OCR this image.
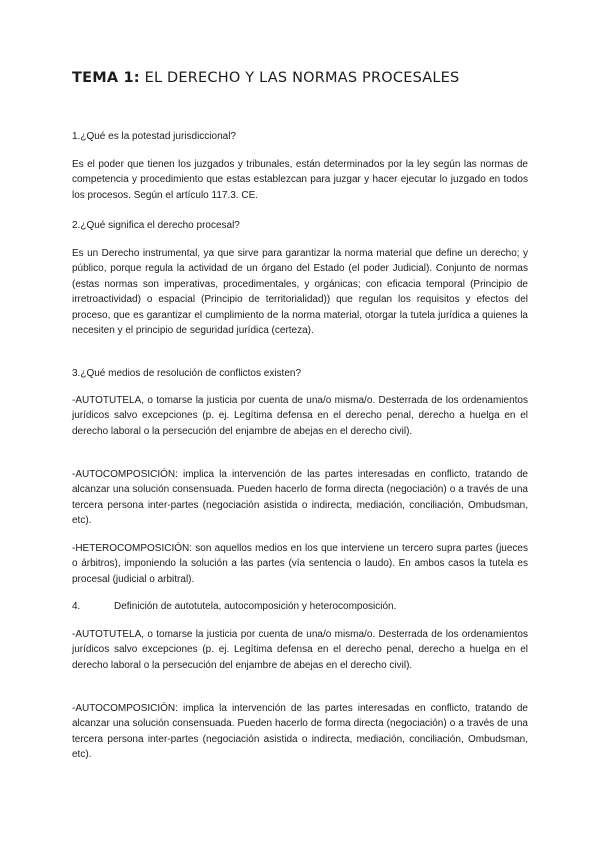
TEMA 1: EL DERECHO Y LAS NORMAS PROCESALES
1.¿Qué es la potestad jurisdiccional?
Es el poder que tienen los juzgados y tribunales, están determinados por la ley según las normas de competencia y procedimiento que estas establezcan para juzgar y hacer ejecutar lo juzgado en todos los procesos. Según el artículo 117.3. CE.
2.¿Qué significa el derecho procesal?
Es un Derecho instrumental, ya que sirve para garantizar la norma material que define un derecho; y público, porque regula la actividad de un órgano del Estado (el poder Judicial). Conjunto de normas (estas normas son imperativas, procedimentales, y orgánicas; con eficacia temporal (Principio de irretroactividad) o espacial (Principio de territorialidad)) que regulan los requisitos y efectos del proceso, que es garantizar el cumplimiento de la norma material, otorgar la tutela jurídica a quienes la necesiten y el principio de seguridad jurídica (certeza).
3.¿Qué medios de resolución de conflictos existen?
-AUTOTUTELA, o tomarse la justicia por cuenta de una/o misma/o. Desterrada de los ordenamientos jurídicos salvo excepciones (p. ej. Legítima defensa en el derecho penal, derecho a huelga en el derecho laboral o la persecución del enjambre de abejas en el derecho civil).
-AUTOCOMPOSICIÓN: implica la intervención de las partes interesadas en conflicto, tratando de alcanzar una solución consensuada. Pueden hacerlo de forma directa (negociación) o a través de una tercera persona inter-partes (negociación asistida o indirecta, mediación, conciliación, Ombudsman, etc).
-HETEROCOMPOSICIÓN: son aquellos medios en los que interviene un tercero supra partes (jueces o árbitros), imponiendo la solución a las partes (vía sentencia o laudo). En ambos casos la tutela es procesal (judicial o arbitral).
4.	Definición de autotutela, autocomposición y heterocomposición.
-AUTOTUTELA, o tomarse la justicia por cuenta de una/o misma/o. Desterrada de los ordenamientos jurídicos salvo excepciones (p. ej. Legítima defensa en el derecho penal, derecho a huelga en el derecho laboral o la persecución del enjambre de abejas en el derecho civil).
-AUTOCOMPOSICIÓN: implica la intervención de las partes interesadas en conflicto, tratando de alcanzar una solución consensuada. Pueden hacerlo de forma directa (negociación) o a través de una tercera persona inter-partes (negociación asistida o indirecta, mediación, conciliación, Ombudsman, etc).
